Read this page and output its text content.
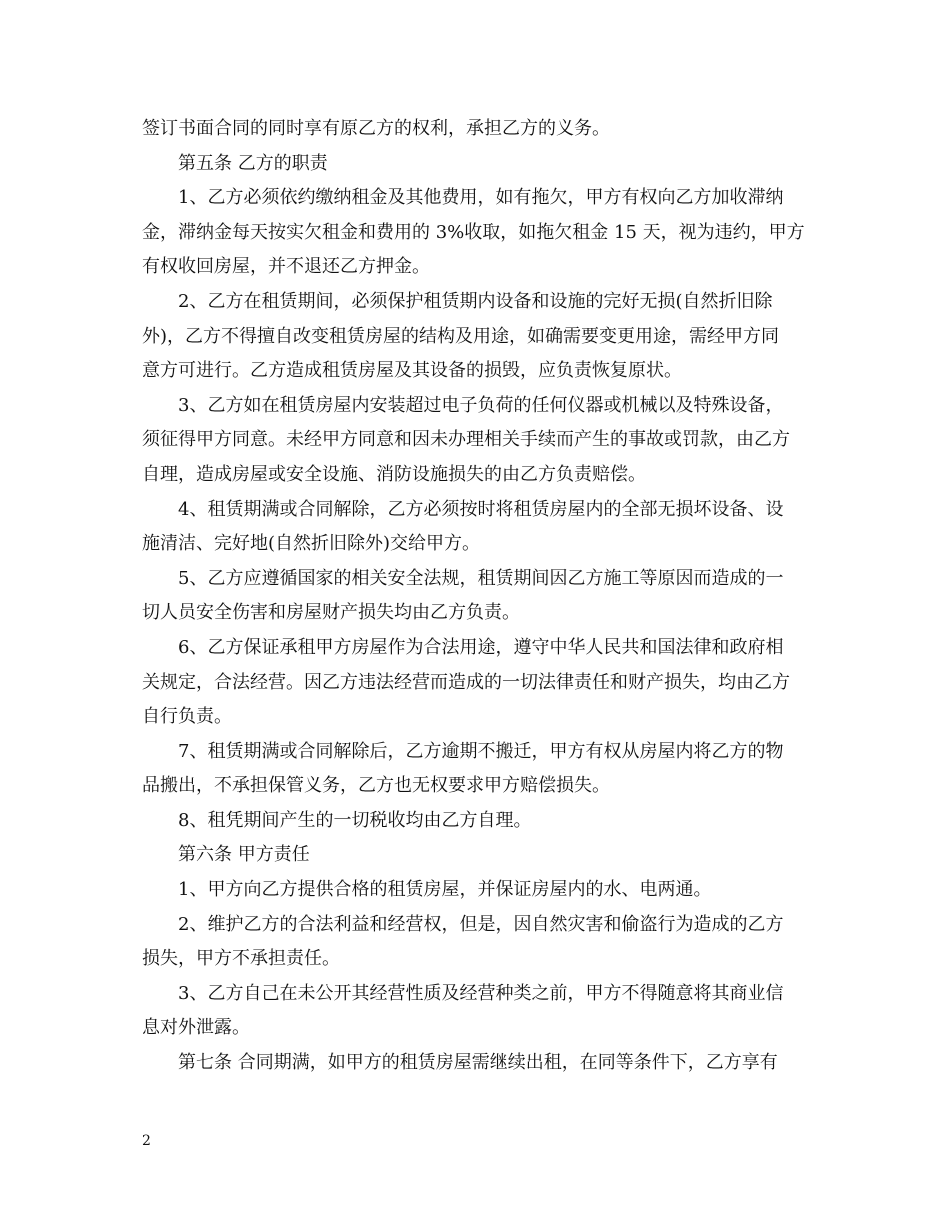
签订书面合同的同时享有原乙方的权利，承担乙方的义务。

第五条 乙方的职责

1、乙方必须依约缴纳租金及其他费用，如有拖欠，甲方有权向乙方加收滞纳

金，滞纳金每天按实欠租金和费用的 3%收取，如拖欠租金 15 天，视为违约，甲方

有权收回房屋，并不退还乙方押金。

2、乙方在租赁期间，必须保护租赁期内设备和设施的完好无损(自然折旧除

外)，乙方不得擅自改变租赁房屋的结构及用途，如确需要变更用途，需经甲方同

意方可进行。乙方造成租赁房屋及其设备的损毁，应负责恢复原状。

3、乙方如在租赁房屋内安装超过电子负荷的任何仪器或机械以及特殊设备，

须征得甲方同意。未经甲方同意和因未办理相关手续而产生的事故或罚款，由乙方

自理，造成房屋或安全设施、消防设施损失的由乙方负责赔偿。

4、租赁期满或合同解除，乙方必须按时将租赁房屋内的全部无损坏设备、设

施清洁、完好地(自然折旧除外)交给甲方。

5、乙方应遵循国家的相关安全法规，租赁期间因乙方施工等原因而造成的一

切人员安全伤害和房屋财产损失均由乙方负责。

6、乙方保证承租甲方房屋作为合法用途，遵守中华人民共和国法律和政府相

关规定，合法经营。因乙方违法经营而造成的一切法律责任和财产损失，均由乙方

自行负责。

7、租赁期满或合同解除后，乙方逾期不搬迁，甲方有权从房屋内将乙方的物

品搬出，不承担保管义务，乙方也无权要求甲方赔偿损失。

8、租凭期间产生的一切税收均由乙方自理。

第六条 甲方责任

1、甲方向乙方提供合格的租赁房屋，并保证房屋内的水、电两通。

2、维护乙方的合法利益和经营权，但是，因自然灾害和偷盗行为造成的乙方

损失，甲方不承担责任。

3、乙方自己在未公开其经营性质及经营种类之前，甲方不得随意将其商业信

息对外泄露。

第七条 合同期满，如甲方的租赁房屋需继续出租，在同等条件下，乙方享有

2
